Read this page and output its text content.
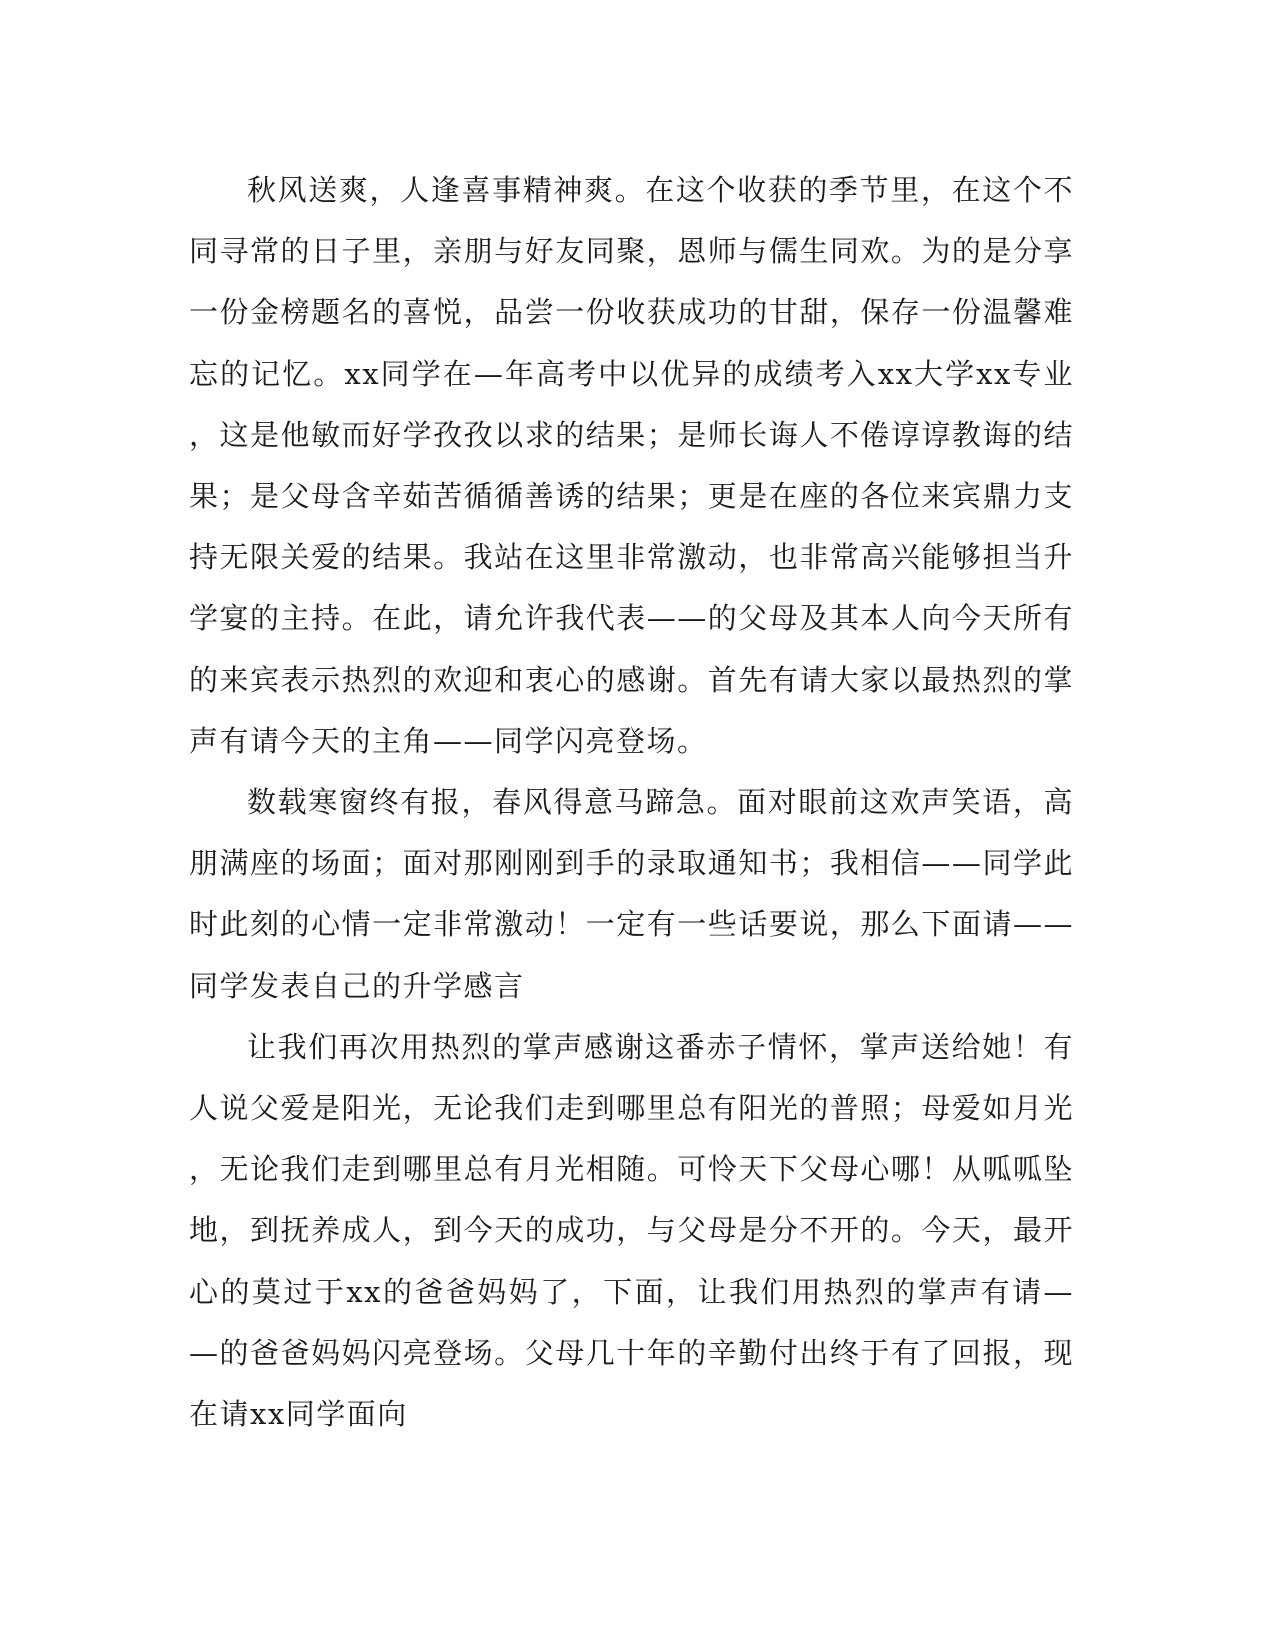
秋风送爽，人逢喜事精神爽。在这个收获的季节里，在这个不同寻常的日子里，亲朋与好友同聚，恩师与儒生同欢。为的是分享一份金榜题名的喜悦，品尝一份收获成功的甘甜，保存一份温馨难忘的记忆。xx同学在—年高考中以优异的成绩考入xx大学xx专业，这是他敏而好学孜孜以求的结果；是师长诲人不倦谆谆教诲的结果；是父母含辛茹苦循循善诱的结果；更是在座的各位来宾鼎力支持无限关爱的结果。我站在这里非常激动，也非常高兴能够担当升学宴的主持。在此，请允许我代表——的父母及其本人向今天所有的来宾表示热烈的欢迎和衷心的感谢。首先有请大家以最热烈的掌声有请今天的主角——同学闪亮登场。

数载寒窗终有报，春风得意马蹄急。面对眼前这欢声笑语，高朋满座的场面；面对那刚刚到手的录取通知书；我相信——同学此时此刻的心情一定非常激动！一定有一些话要说，那么下面请——同学发表自己的升学感言

让我们再次用热烈的掌声感谢这番赤子情怀，掌声送给她！有人说父爱是阳光，无论我们走到哪里总有阳光的普照；母爱如月光，无论我们走到哪里总有月光相随。可怜天下父母心哪！从呱呱坠地，到抚养成人，到今天的成功，与父母是分不开的。今天，最开心的莫过于xx的爸爸妈妈了，下面，让我们用热烈的掌声有请——的爸爸妈妈闪亮登场。父母几十年的辛勤付出终于有了回报，现在请xx同学面向
